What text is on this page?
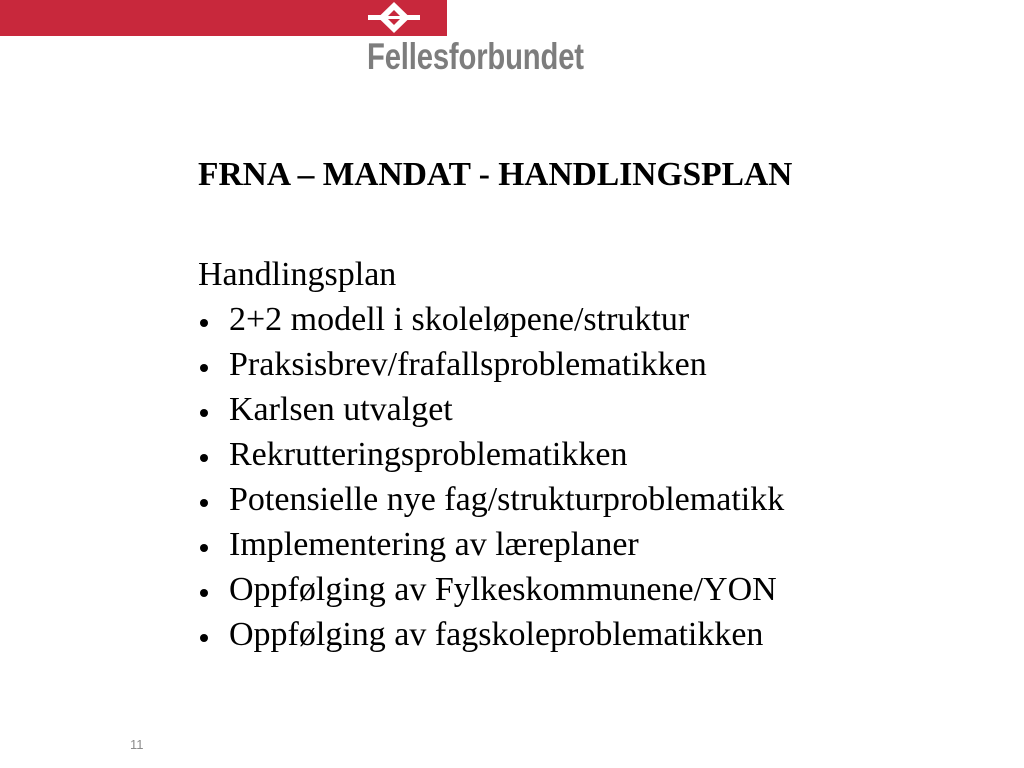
Fellesforbundet
FRNA – MANDAT - HANDLINGSPLAN
Handlingsplan
2+2 modell i skoleløpene/struktur
Praksisbrev/frafallsproblematikken
Karlsen utvalget
Rekrutteringsproblematikken
Potensielle nye fag/strukturproblematikk
Implementering av læreplaner
Oppfølging av Fylkeskommunene/YON
Oppfølging av fagskoleproblematikken
11
